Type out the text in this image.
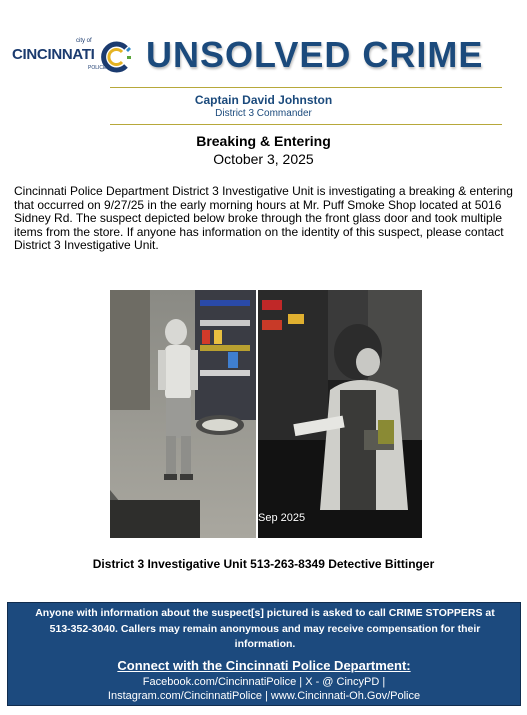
city of
CINCINNATI
POLICE UNSOLVED CRIME
Captain David Johnston
District 3 Commander
Breaking & Entering
October 3, 2025
Cincinnati Police Department District 3 Investigative Unit is investigating a breaking & entering that occurred on 9/27/25 in the early morning hours at Mr. Puff Smoke Shop located at 5016 Sidney Rd. The suspect depicted below broke through the front glass door and took multiple items from the store. If anyone has information on the identity of this suspect, please contact District 3 Investigative Unit.
Sep 2025
District 3 Investigative Unit 513-263-8349 Detective Bittinger
Anyone with information about the suspect[s] pictured is asked to call CRIME STOPPERS at 513-352-3040. Callers may remain anonymous and may receive compensation for their information.
Connect with the Cincinnati Police Department:
Facebook.com/CincinnatiPolice | X - @ CincyPD |
Instagram.com/CincinnatiPolice | www.Cincinnati-Oh.Gov/Police
